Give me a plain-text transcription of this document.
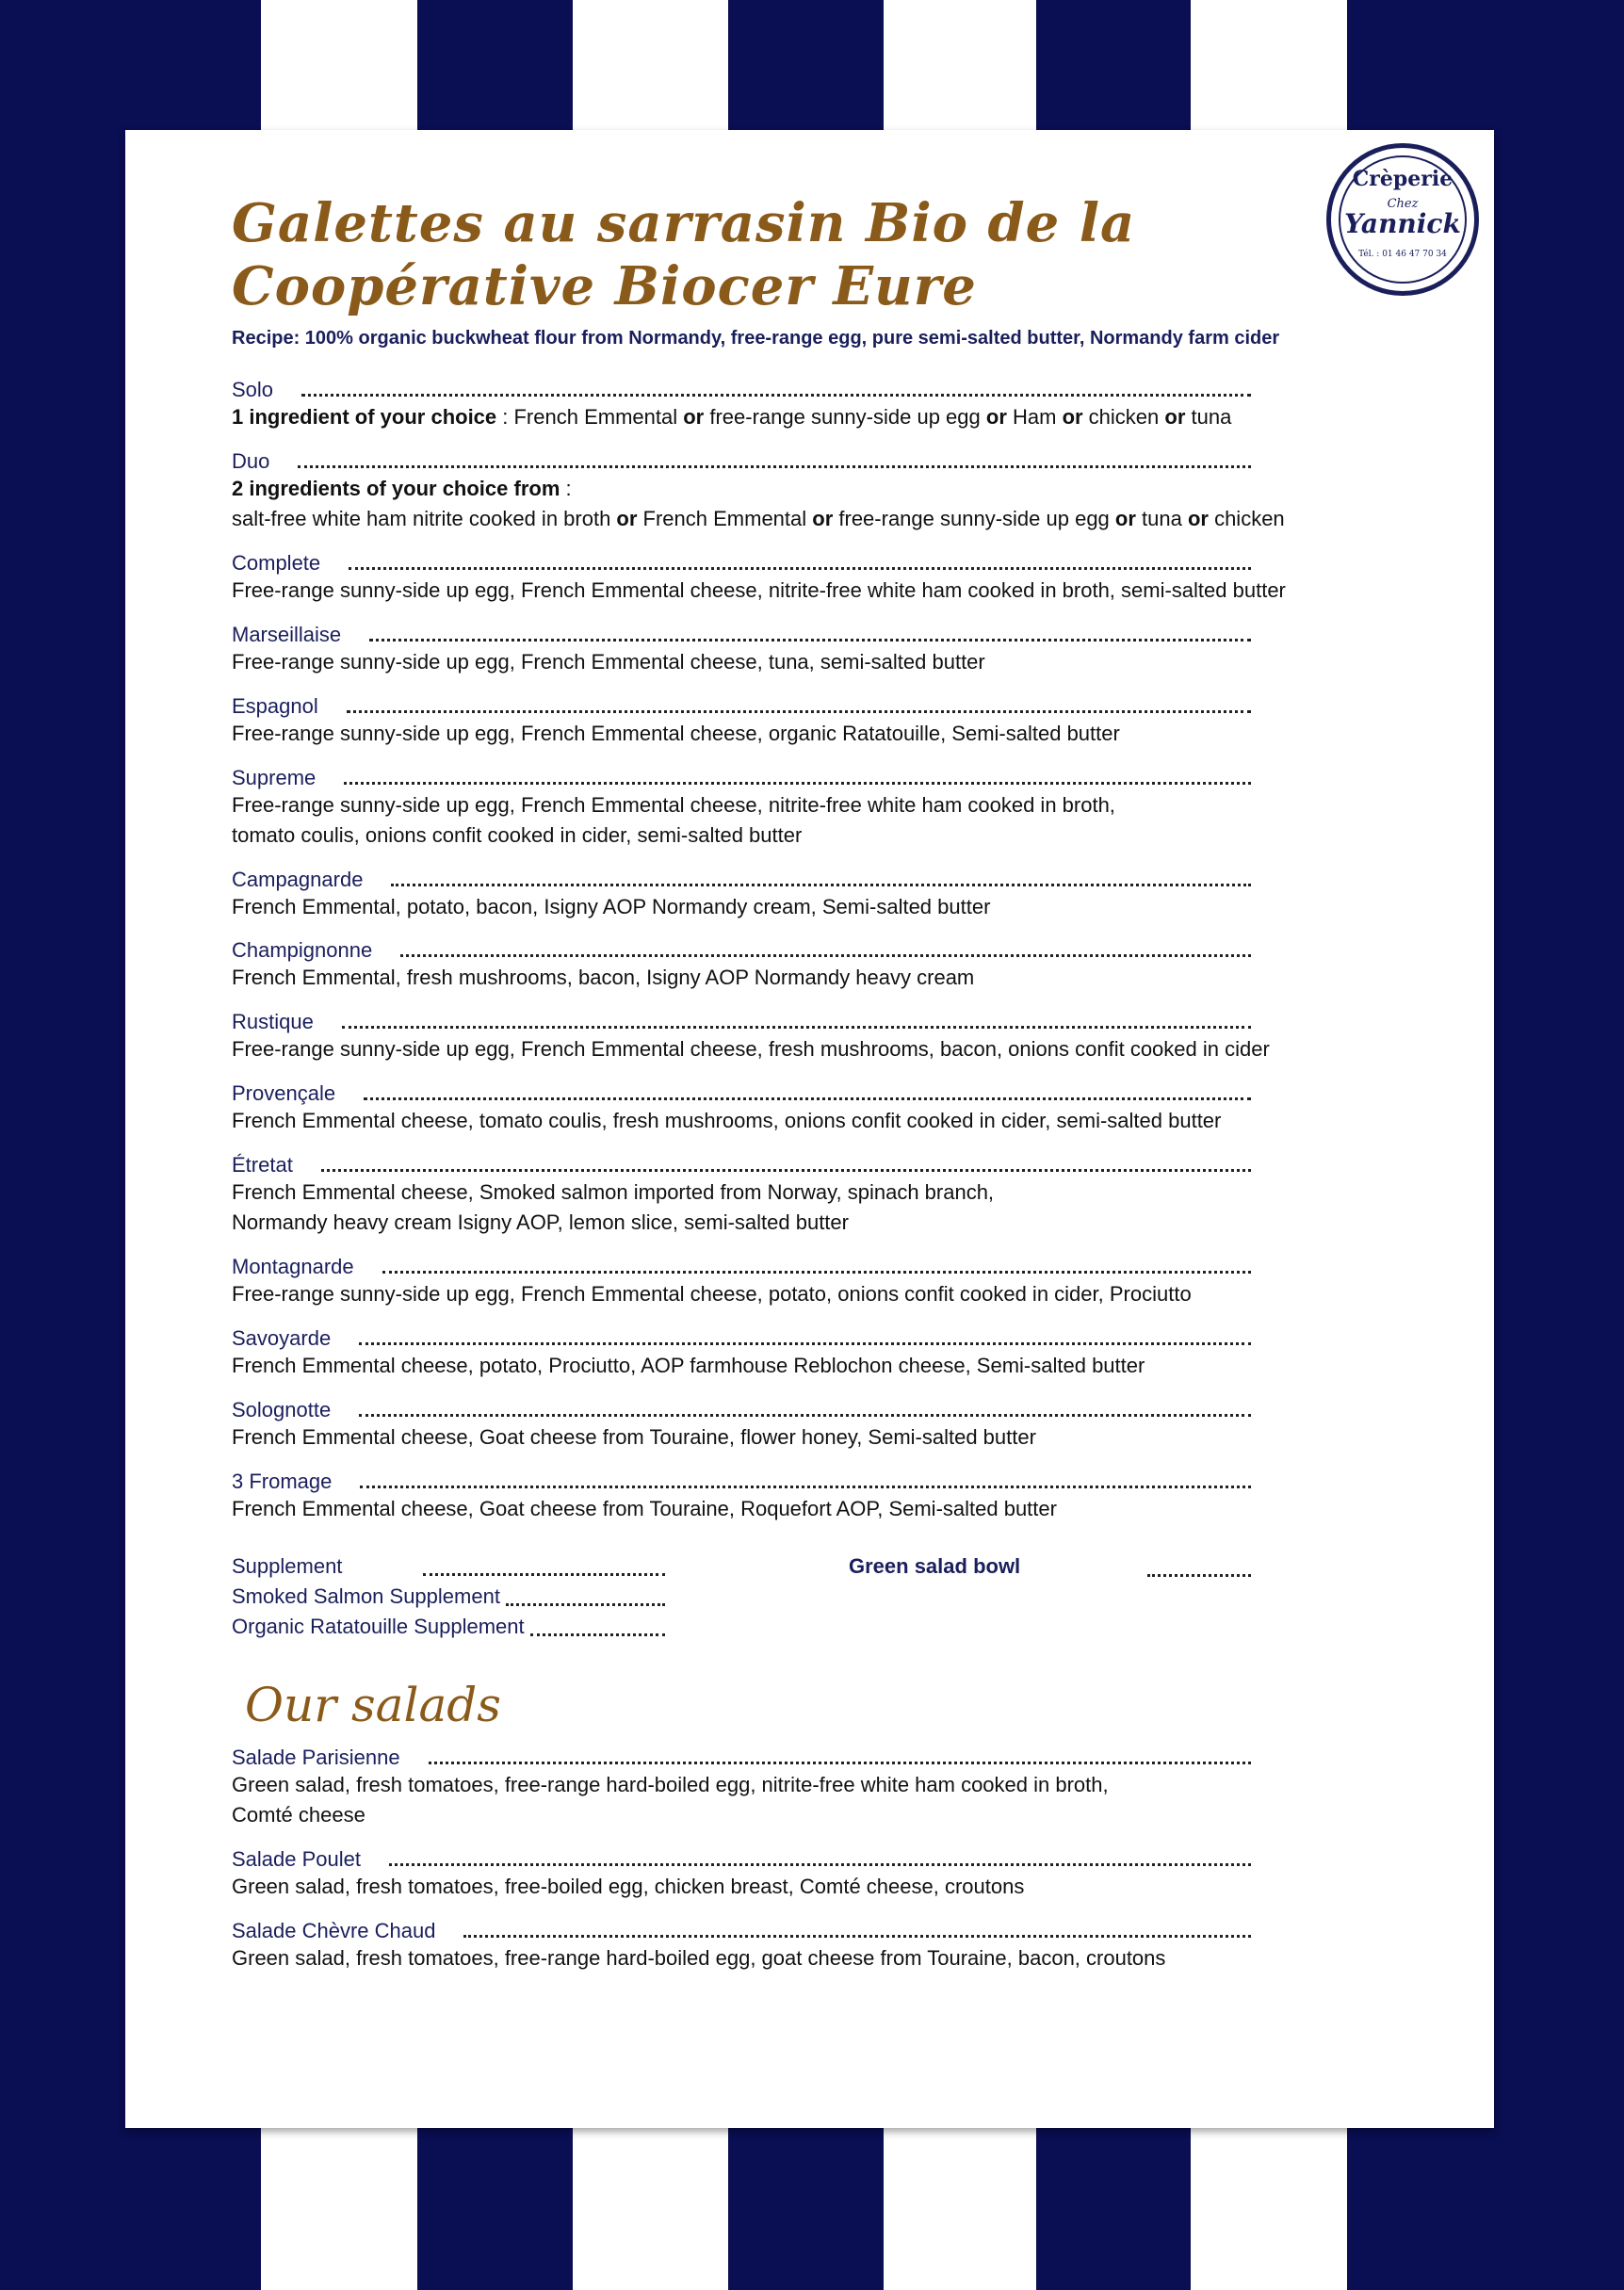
Crèperie
Chez
Yannick
Tél. : 01 46 47 70 34
Galettes au sarrasin Bio de la Coopérative Biocer Eure
Recipe: 100% organic buckwheat flour from Normandy, free-range egg, pure semi-salted butter, Normandy farm cider
Solo
1 ingredient of your choice : French Emmental or free-range sunny-side up egg or Ham or chicken or tuna
Duo
2 ingredients of your choice from :
salt-free white ham nitrite cooked in broth or French Emmental or free-range sunny-side up egg or tuna or chicken
Complete
Free-range sunny-side up egg, French Emmental cheese, nitrite-free white ham cooked in broth, semi-salted butter
Marseillaise
Free-range sunny-side up egg, French Emmental cheese, tuna, semi-salted butter
Espagnol
Free-range sunny-side up egg, French Emmental cheese, organic Ratatouille, Semi-salted butter
Supreme
Free-range sunny-side up egg, French Emmental cheese, nitrite-free white ham cooked in broth,
tomato coulis, onions confit cooked in cider, semi-salted butter
Campagnarde
French Emmental, potato, bacon, Isigny AOP Normandy cream, Semi-salted butter
Champignonne
French Emmental, fresh mushrooms, bacon, Isigny AOP Normandy heavy cream
Rustique
Free-range sunny-side up egg, French Emmental cheese, fresh mushrooms, bacon, onions confit cooked in cider
Provençale
French Emmental cheese, tomato coulis, fresh mushrooms, onions confit cooked in cider, semi-salted butter
Étretat
French Emmental cheese, Smoked salmon imported from Norway, spinach branch,
Normandy heavy cream Isigny AOP, lemon slice, semi-salted butter
Montagnarde
Free-range sunny-side up egg, French Emmental cheese, potato, onions confit cooked in cider, Prociutto
Savoyarde
French Emmental cheese, potato, Prociutto, AOP farmhouse Reblochon cheese, Semi-salted butter
Solognotte
French Emmental cheese, Goat cheese from Touraine, flower honey, Semi-salted butter
3 Fromage
French Emmental cheese, Goat cheese from Touraine, Roquefort AOP, Semi-salted butter
Supplement
Smoked Salmon Supplement
Organic Ratatouille Supplement
Green salad bowl
Our salads
Salade Parisienne
Green salad, fresh tomatoes, free-range hard-boiled egg, nitrite-free white ham cooked in broth,
Comté cheese
Salade Poulet
Green salad, fresh tomatoes, free-boiled egg, chicken breast, Comté cheese, croutons
Salade Chèvre Chaud
Green salad, fresh tomatoes, free-range hard-boiled egg, goat cheese from Touraine, bacon, croutons
